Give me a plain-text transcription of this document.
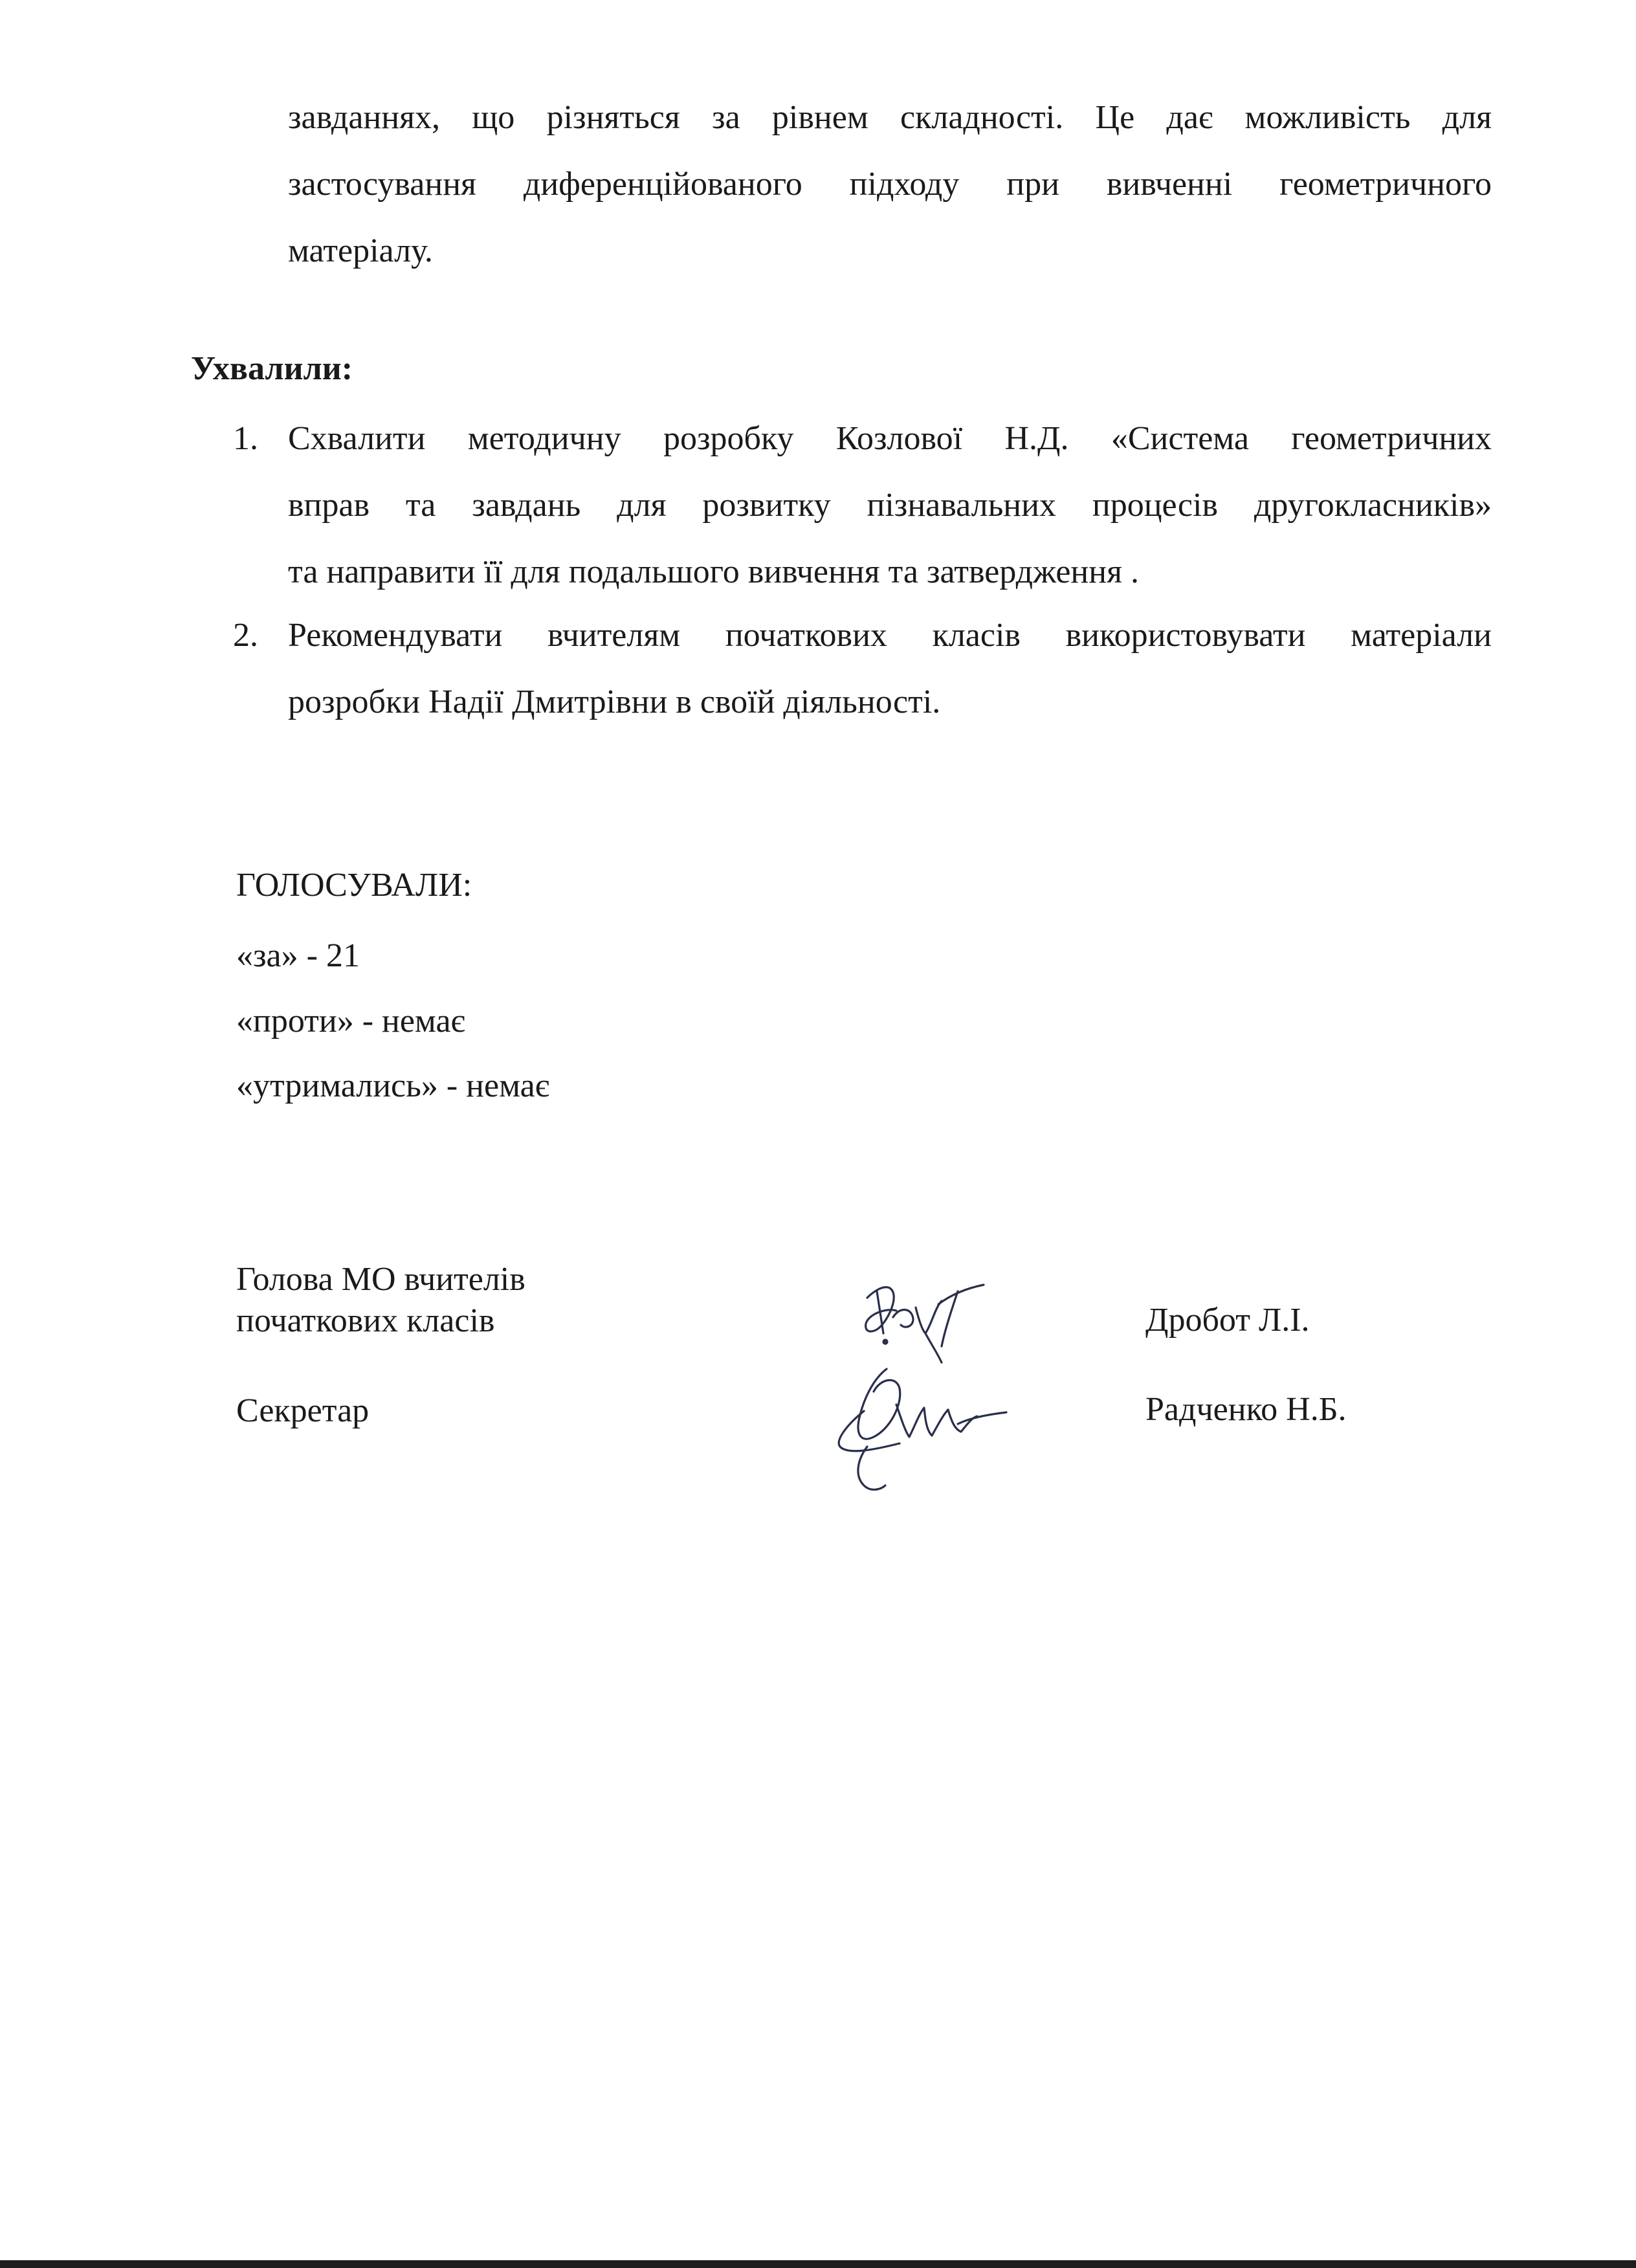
завданнях, що різняться за рівнем складності. Це дає можливість для
застосування диференційованого підходу при вивченні геометричного
матеріалу.
Ухвалили:
1. Схвалити методичну розробку Козлової Н.Д. «Система геометричних
вправ та завдань для розвитку пізнавальних процесів другокласників»
та направити її для подальшого вивчення та затвердження .
2. Рекомендувати вчителям початкових класів використовувати матеріали
розробки Надії Дмитрівни в своїй діяльності.
ГОЛОСУВАЛИ:
«за» - 21
«проти» - немає
«утримались» - немає
Голова МО вчителів
початкових класів	Дробот Л.І.
Секретар	Радченко Н.Б.
